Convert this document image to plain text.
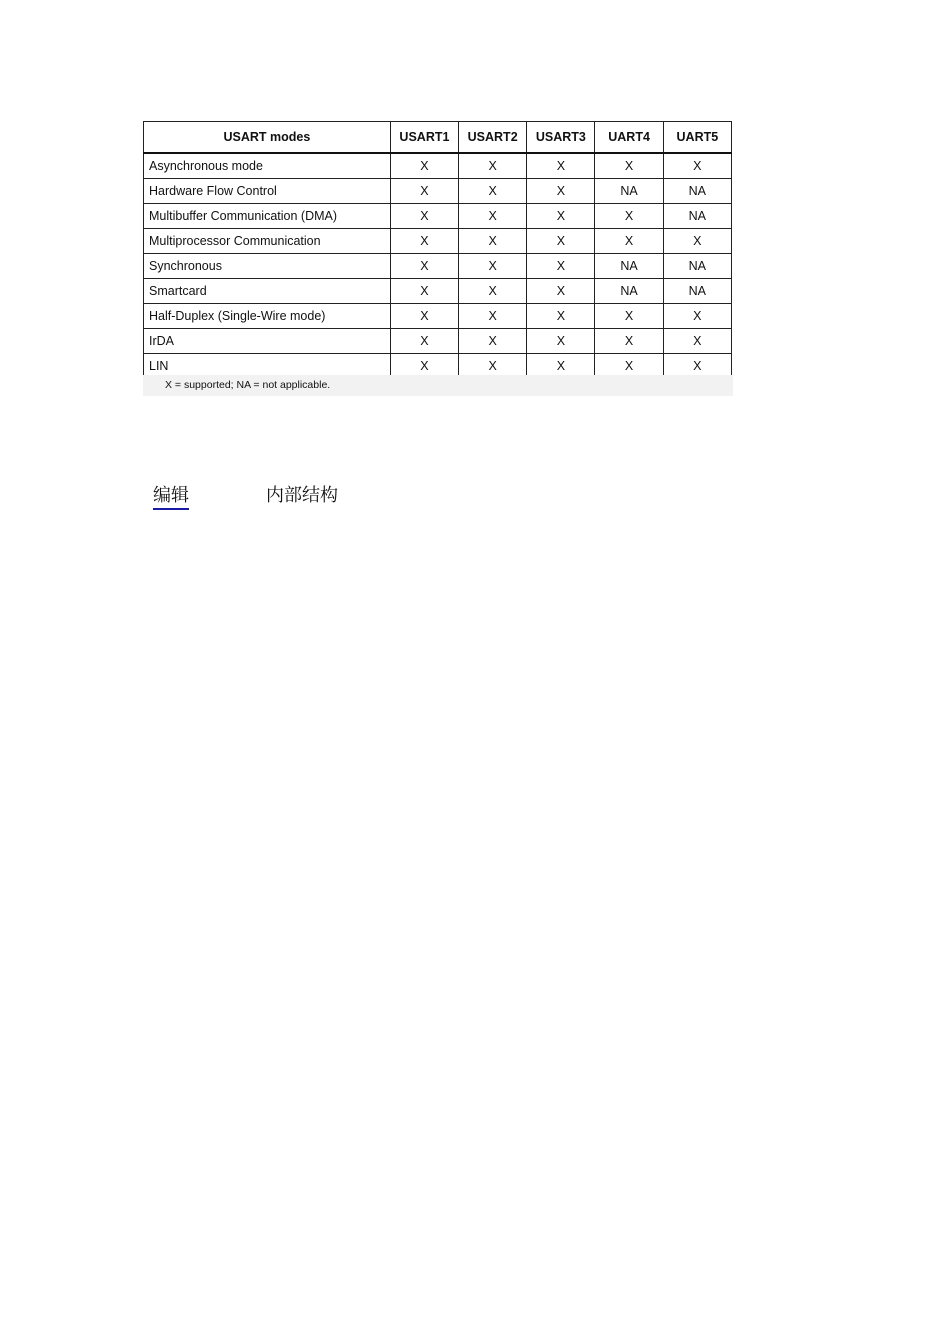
USART modes	USART1	USART2	USART3	UART4	UART5
Asynchronous mode	X	X	X	X	X
Hardware Flow Control	X	X	X	NA	NA
Multibuffer Communication (DMA)	X	X	X	X	NA
Multiprocessor Communication	X	X	X	X	X
Synchronous	X	X	X	NA	NA
Smartcard	X	X	X	NA	NA
Half-Duplex (Single-Wire mode)	X	X	X	X	X
IrDA	X	X	X	X	X
LIN	X	X	X	X	X
X = supported; NA = not applicable.
编辑	内部结构
